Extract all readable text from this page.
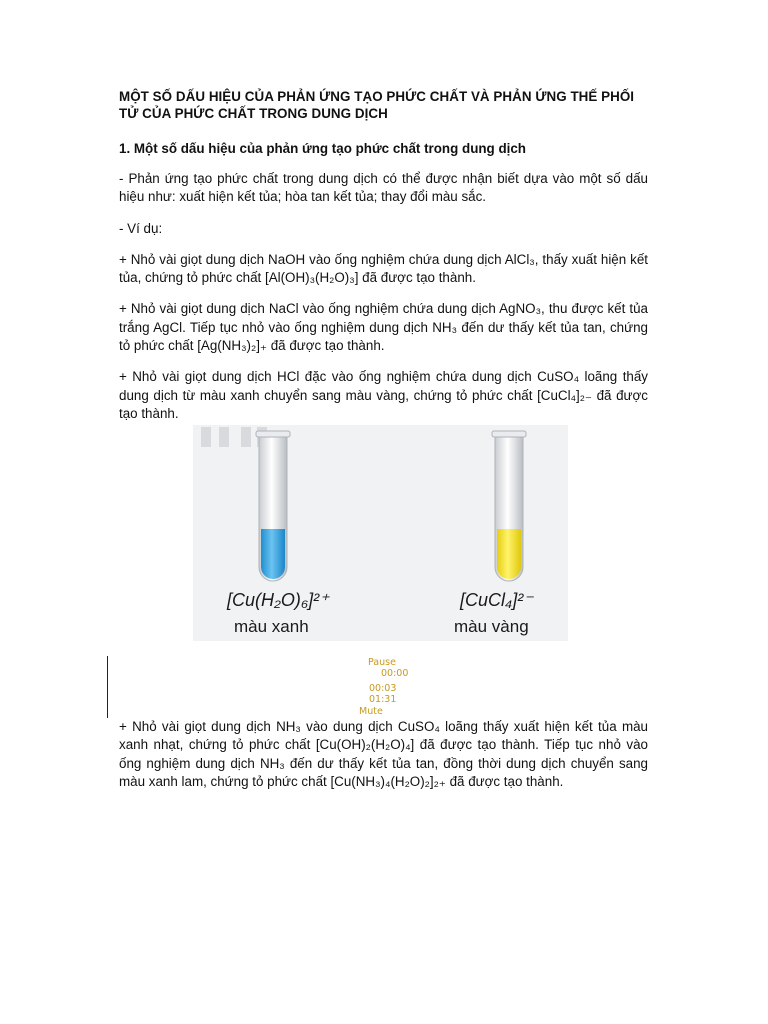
MỘT SỐ DẤU HIỆU CỦA PHẢN ỨNG TẠO PHỨC CHẤT VÀ PHẢN ỨNG THẾ PHỐI TỬ CỦA PHỨC CHẤT TRONG DUNG DỊCH

1. Một số dấu hiệu của phản ứng tạo phức chất trong dung dịch

- Phản ứng tạo phức chất trong dung dịch có thể được nhận biết dựa vào một số dấu hiệu như: xuất hiện kết tủa; hòa tan kết tủa; thay đổi màu sắc.

- Ví dụ:

+ Nhỏ vài giọt dung dịch NaOH vào ống nghiệm chứa dung dịch AlCl₃, thấy xuất hiện kết tủa, chứng tỏ phức chất [Al(OH)₃(H₂O)₃] đã được tạo thành.

+ Nhỏ vài giọt dung dịch NaCl vào ống nghiệm chứa dung dịch AgNO₃, thu được kết tủa trắng AgCl. Tiếp tục nhỏ vào ống nghiệm dung dịch NH₃ đến dư thấy kết tủa tan, chứng tỏ phức chất [Ag(NH₃)₂]₊ đã được tạo thành.

+ Nhỏ vài giọt dung dịch HCl đặc vào ống nghiệm chứa dung dịch CuSO₄ loãng thấy dung dịch từ màu xanh chuyển sang màu vàng, chứng tỏ phức chất [CuCl₄]₂₋ đã được tạo thành.

[Cu(H₂O)₆]²⁺
màu xanh
[CuCl₄]²⁻
màu vàng
Pause
00:00
00:03
01:31
Mute

+ Nhỏ vài giọt dung dịch NH₃ vào dung dịch CuSO₄ loãng thấy xuất hiện kết tủa màu xanh nhạt, chứng tỏ phức chất [Cu(OH)₂(H₂O)₄] đã được tạo thành. Tiếp tục nhỏ vào ống nghiệm dung dịch NH₃ đến dư thấy kết tủa tan, đồng thời dung dịch chuyển sang màu xanh lam, chứng tỏ phức chất [Cu(NH₃)₄(H₂O)₂]₂₊ đã được tạo thành.
